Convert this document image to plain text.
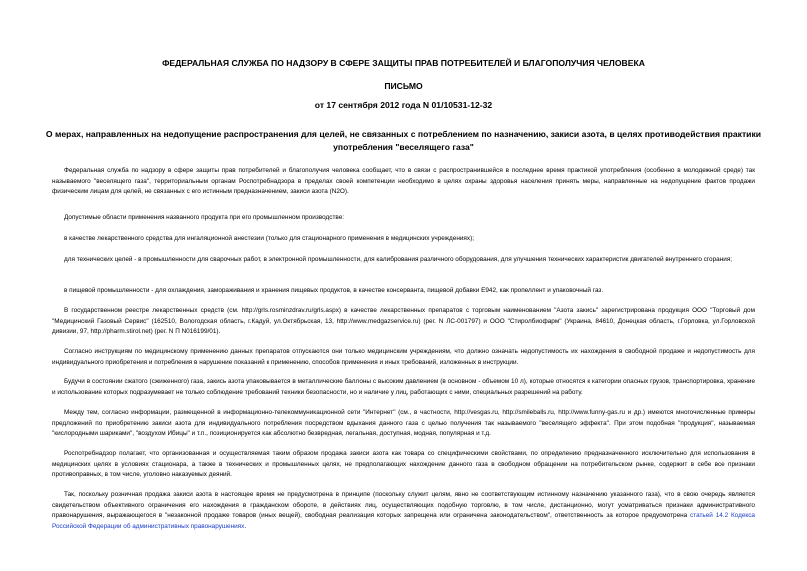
ФЕДЕРАЛЬНАЯ СЛУЖБА ПО НАДЗОРУ В СФЕРЕ ЗАЩИТЫ ПРАВ ПОТРЕБИТЕЛЕЙ И БЛАГОПОЛУЧИЯ ЧЕЛОВЕКА
ПИСЬМО
от 17 сентября 2012 года N 01/10531-12-32
О мерах, направленных на недопущение распространения для целей, не связанных с потреблением по назначению, закиси азота, в целях противодействия практики употребления "веселящего газа"
Федеральная служба по надзору в сфере защиты прав потребителей и благополучия человека сообщает, что в связи с распространившейся в последнее время практикой употребления (особенно в молодежной среде) так называемого "веселящего газа", территориальным органам Роспотребнадзора в пределах своей компетенции необходимо в целях охраны здоровья населения принять меры, направленные на недопущение фактов продажи физическим лицам для целей, не связанных с его истинным предназначением, закиси азота (N2O).
Допустимые области применения названного продукта при его промышленном производстве:
в качестве лекарственного средства для ингаляционной анестезии (только для стационарного применения в медицинских учреждениях);
для технических целей - в промышленности для сварочных работ, в электронной промышленности, для калибрования различного оборудования, для улучшения технических характеристик двигателей внутреннего сгорания;
в пищевой промышленности - для охлаждения, замораживания и хранения пищевых продуктов, в качестве консерванта, пищевой добавки Е942, как пропеллент и упаковочный газ.
В государственном реестре лекарственных средств (см. http://grls.rosminzdrav.ru/grls.aspx) в качестве лекарственных препаратов с торговым наименованием "Азота закись" зарегистрирована продукция ООО "Торговый дом "Медицинский Газовый Сервис" (162510, Вологодская область, г.Кадуй, ул.Октябрьская, 13, http://www.medgazservice.ru) (рег. N ЛС-001797) и ООО "Стиролбиофарм" (Украина, 84610, Донецкая область, г.Горловка, ул.Горловской дивизии, 97, http://pharm.stirol.net) (рег. N П N016199/01).
Согласно инструкциям по медицинскому применению данных препаратов отпускаются они только медицинским учреждениям, что должно означать недопустимость их нахождения в свободной продаже и недопустимость для индивидуального приобретения и потребления в нарушение показаний к применению, способов применения и иных требований, изложенных в инструкции.
Будучи в состоянии сжатого (сжиженного) газа, закись азота упаковывается в металлические баллоны с высоким давлением (в основном - объемом 10 л), которые относятся к категории опасных грузов, транспортировка, хранение и использование которых подразумевает не только соблюдение требований техники безопасности, но и наличие у лиц, работающих с ними, специальных разрешений на работу.
Между тем, согласно информации, размещенной в информационно-телекоммуникационной сети "Интернет" (см., в частности, http://vesgas.ru, http://smileballs.ru, http://www.funny-gas.ru и др.) имеются многочисленные примеры предложений по приобретению закиси азота для индивидуального потребления посредством вдыхания данного газа с целью получения так называемого "веселящего эффекта". При этом подобная "продукция", называемая "кислородными шариками", "воздухом Ибицы" и т.п., позиционируется как абсолютно безвредная, легальная, доступная, модная, популярная и т.д.
Роспотребнадзор полагает, что организованная и осуществляемая таким образом продажа закиси азота как товара со специфическими свойствами, по определению предназначенного исключительно для использования в медицинских целях в условиях стационара, а также в технических и промышленных целях, не предполагающих нахождение данного газа в свободном обращении на потребительском рынке, содержит в себе все признаки противоправных, в том числе, уголовно наказуемых деяний.
Так, поскольку розничная продажа закиси азота в настоящее время не предусмотрена в принципе (поскольку служит целям, явно не соответствующим истинному назначению указанного газа), что в свою очередь является свидетельством объективного ограничения его нахождения в гражданском обороте, в действиях лиц, осуществляющих подобную торговлю, в том числе, дистанционно, могут усматриваться признаки административного правонарушения, выражающегося в "незаконной продаже товаров (иных вещей), свободная реализация которых запрещена или ограничена законодательством", ответственность за которое предусмотрена статьей 14.2 Кодекса Российской Федерации об административных правонарушениях.
